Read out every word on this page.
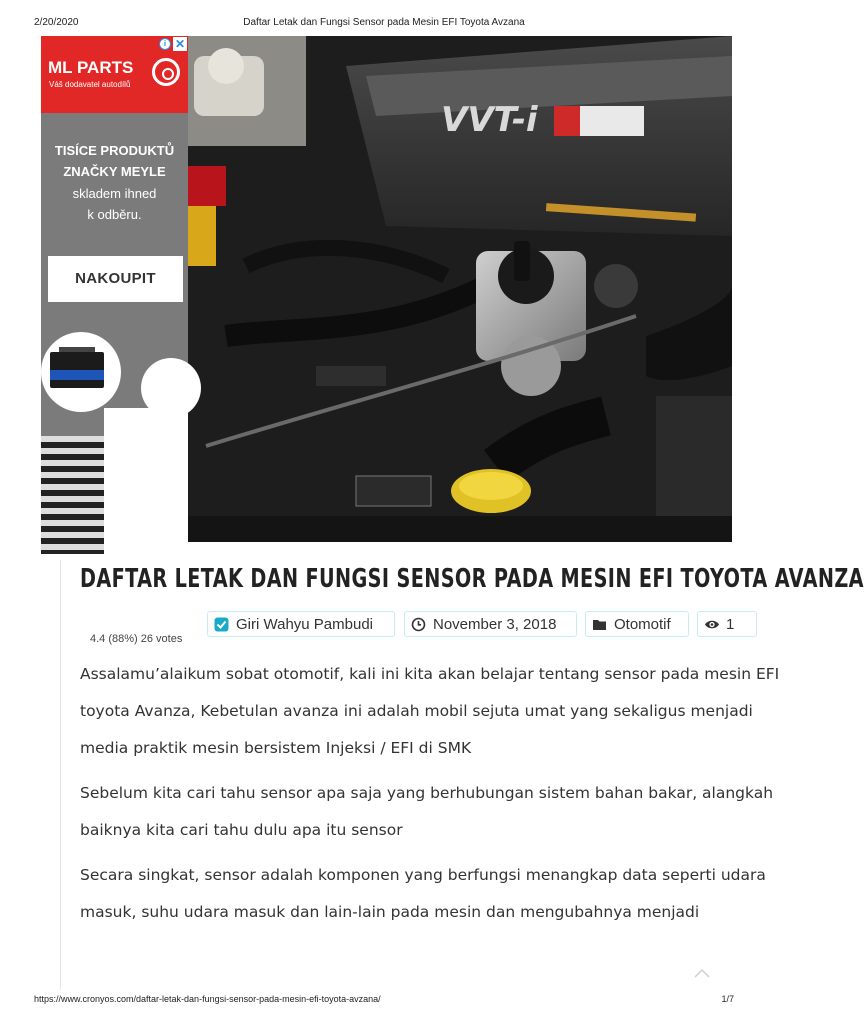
2/20/2020	Daftar Letak dan Fungsi Sensor pada Mesin EFI Toyota Avzana
VVT-i
ML PARTS
Váš dodavatel autodílů
i ✕
TISÍCE PRODUKTŮ
ZNAČKY MEYLE
skladem ihned
k odběru.
NAKOUPIT
DAFTAR LETAK DAN FUNGSI SENSOR PADA MESIN EFI TOYOTA AVANZA
Giri Wahyu Pambudi	November 3, 2018	Otomotif	1
4.4 (88%) 26 votes

Assalamu’alaikum sobat otomotif, kali ini kita akan belajar tentang sensor pada mesin EFI toyota Avanza, Kebetulan avanza ini adalah mobil sejuta umat yang sekaligus menjadi media praktik mesin bersistem Injeksi / EFI di SMK

Sebelum kita cari tahu sensor apa saja yang berhubungan sistem bahan bakar, alangkah baiknya kita cari tahu dulu apa itu sensor

Secara singkat, sensor adalah komponen yang berfungsi menangkap data seperti udara masuk, suhu udara masuk dan lain-lain pada mesin dan mengubahnya menjadi

https://www.cronyos.com/daftar-letak-dan-fungsi-sensor-pada-mesin-efi-toyota-avzana/	1/7
